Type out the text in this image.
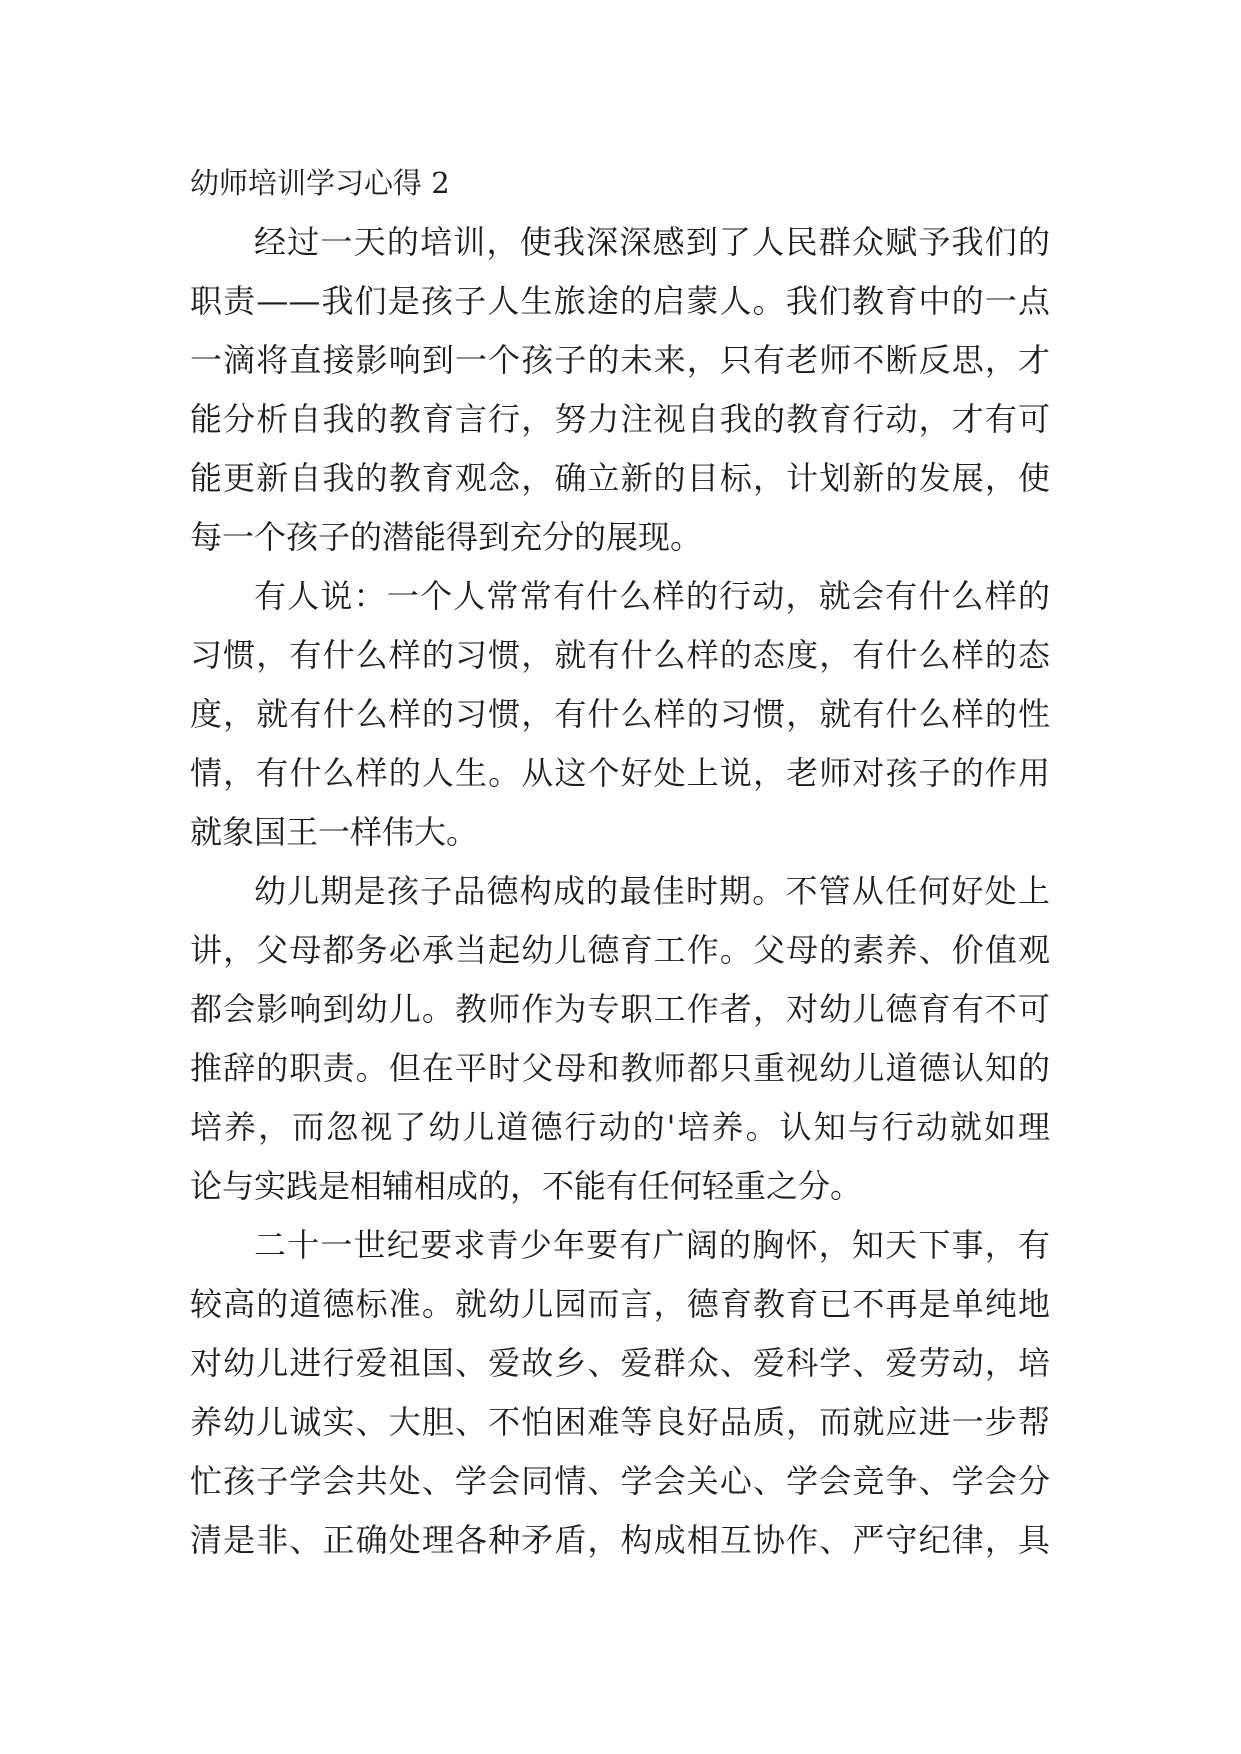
幼师培训学习心得 2

经过一天的培训，使我深深感到了人民群众赋予我们的
职责——我们是孩子人生旅途的启蒙人。我们教育中的一点
一滴将直接影响到一个孩子的未来，只有老师不断反思，才
能分析自我的教育言行，努力注视自我的教育行动，才有可
能更新自我的教育观念，确立新的目标，计划新的发展，使
每一个孩子的潜能得到充分的展现。

有人说：一个人常常有什么样的行动，就会有什么样的
习惯，有什么样的习惯，就有什么样的态度，有什么样的态
度，就有什么样的习惯，有什么样的习惯，就有什么样的性
情，有什么样的人生。从这个好处上说，老师对孩子的作用
就象国王一样伟大。

幼儿期是孩子品德构成的最佳时期。不管从任何好处上
讲，父母都务必承当起幼儿德育工作。父母的素养、价值观
都会影响到幼儿。教师作为专职工作者，对幼儿德育有不可
推辞的职责。但在平时父母和教师都只重视幼儿道德认知的
培养，而忽视了幼儿道德行动的'培养。认知与行动就如理
论与实践是相辅相成的，不能有任何轻重之分。

二十一世纪要求青少年要有广阔的胸怀，知天下事，有
较高的道德标准。就幼儿园而言，德育教育已不再是单纯地
对幼儿进行爱祖国、爱故乡、爱群众、爱科学、爱劳动，培
养幼儿诚实、大胆、不怕困难等良好品质，而就应进一步帮
忙孩子学会共处、学会同情、学会关心、学会竞争、学会分
清是非、正确处理各种矛盾，构成相互协作、严守纪律，具
